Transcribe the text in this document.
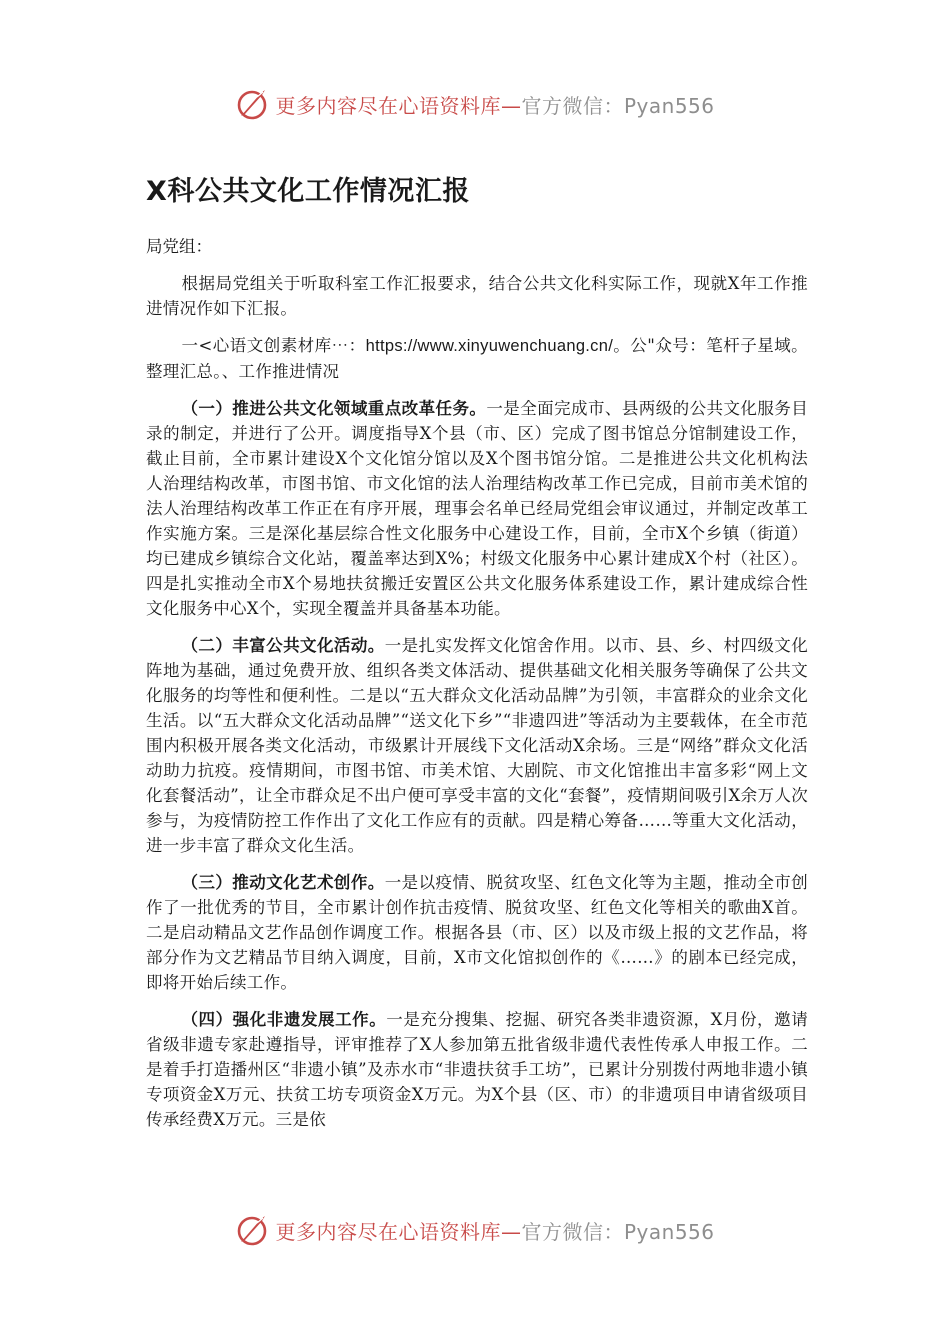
更多内容尽在心语资料库—官方微信：Pyan556
X科公共文化工作情况汇报
局党组：

根据局党组关于听取科室工作汇报要求，结合公共文化科实际工作，现就X年工作推进情况作如下汇报。

一<心语文创素材库⋯：https://www.xinyuwenchuang.cn/。公"众号：笔杆子星域。整理汇总。、工作推进情况

（一）推进公共文化领域重点改革任务。一是全面完成市、县两级的公共文化服务目录的制定，并进行了公开。调度指导X个县（市、区）完成了图书馆总分馆制建设工作，截止目前，全市累计建设X个文化馆分馆以及X个图书馆分馆。二是推进公共文化机构法人治理结构改革，市图书馆、市文化馆的法人治理结构改革工作已完成，目前市美术馆的法人治理结构改革工作正在有序开展，理事会名单已经局党组会审议通过，并制定改革工作实施方案。三是深化基层综合性文化服务中心建设工作，目前，全市X个乡镇（街道）均已建成乡镇综合文化站，覆盖率达到X%；村级文化服务中心累计建成X个村（社区）。四是扎实推动全市X个易地扶贫搬迁安置区公共文化服务体系建设工作，累计建成综合性文化服务中心X个，实现全覆盖并具备基本功能。

（二）丰富公共文化活动。一是扎实发挥文化馆舍作用。以市、县、乡、村四级文化阵地为基础，通过免费开放、组织各类文体活动、提供基础文化相关服务等确保了公共文化服务的均等性和便利性。二是以“五大群众文化活动品牌”为引领，丰富群众的业余文化生活。以“五大群众文化活动品牌”“送文化下乡”“非遗四进”等活动为主要载体，在全市范围内积极开展各类文化活动，市级累计开展线下文化活动X余场。三是“网络”群众文化活动助力抗疫。疫情期间，市图书馆、市美术馆、大剧院、市文化馆推出丰富多彩“网上文化套餐活动”，让全市群众足不出户便可享受丰富的文化“套餐”，疫情期间吸引X余万人次参与，为疫情防控工作作出了文化工作应有的贡献。四是精心筹备……等重大文化活动，进一步丰富了群众文化生活。

（三）推动文化艺术创作。一是以疫情、脱贫攻坚、红色文化等为主题，推动全市创作了一批优秀的节目，全市累计创作抗击疫情、脱贫攻坚、红色文化等相关的歌曲X首。二是启动精品文艺作品创作调度工作。根据各县（市、区）以及市级上报的文艺作品，将部分作为文艺精品节目纳入调度，目前，X市文化馆拟创作的《……》的剧本已经完成，即将开始后续工作。

（四）强化非遗发展工作。一是充分搜集、挖掘、研究各类非遗资源，X月份，邀请省级非遗专家赴遵指导，评审推荐了X人参加第五批省级非遗代表性传承人申报工作。二是着手打造播州区“非遗小镇”及赤水市“非遗扶贫手工坊”，已累计分别拨付两地非遗小镇专项资金X万元、扶贫工坊专项资金X万元。为X个县（区、市）的非遗项目申请省级项目传承经费X万元。三是依

更多内容尽在心语资料库—官方微信：Pyan556
